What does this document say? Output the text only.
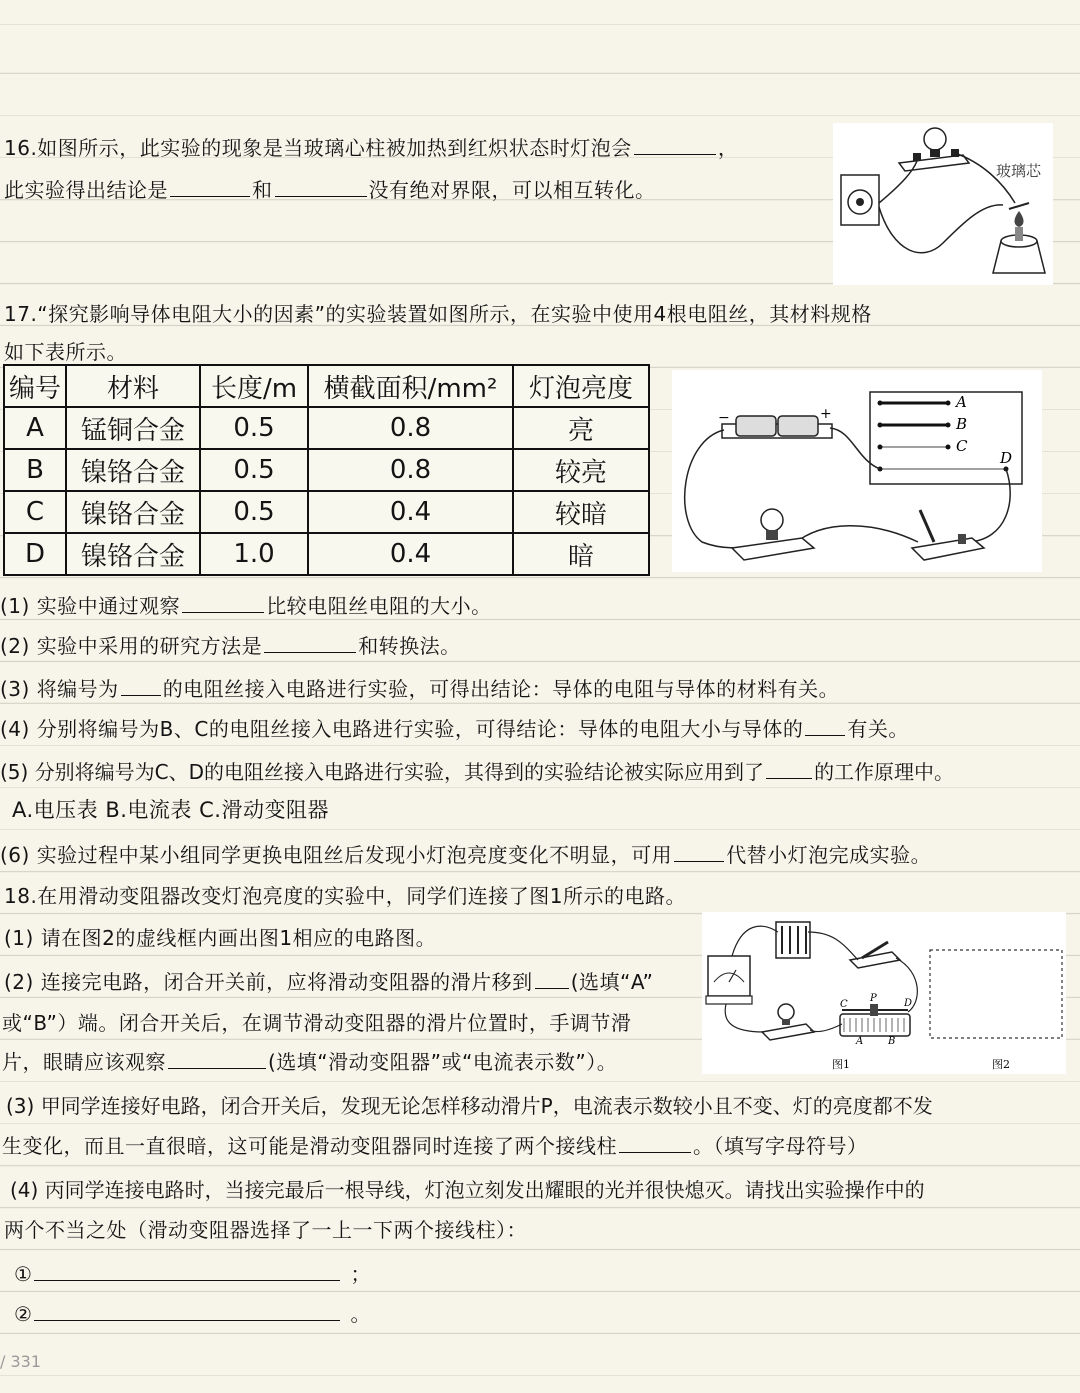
16.如图所示，此实验的现象是当玻璃心柱被加热到红炽状态时灯泡会	，
此实验得出结论是	和	没有绝对界限，可以相互转化。
玻璃芯
17.“探究影响导体电阻大小的因素”的实验装置如图所示，在实验中使用4根电阻丝，其材料规格
如下表所示。
编号	材料	长度/m	横截面积/mm²	灯泡亮度
A	锰铜合金	0.5	0.8	亮
B	镍铬合金	0.5	0.8	较亮
C	镍铬合金	0.5	0.4	较暗
D	镍铬合金	1.0	0.4	暗
−	+
A
B
C
D
(1) 实验中通过观察	比较电阻丝电阻的大小。
(2) 实验中采用的研究方法是	和转换法。
(3) 将编号为 的电阻丝接入电路进行实验，可得出结论：导体的电阻与导体的材料有关。
(4) 分别将编号为B、C的电阻丝接入电路进行实验，可得结论：导体的电阻大小与导体的 有关。
(5) 分别将编号为C、D的电阻丝接入电路进行实验，其得到的实验结论被实际应用到了	的工作原理中。
A.电压表 B.电流表 C.滑动变阻器
(6) 实验过程中某小组同学更换电阻丝后发现小灯泡亮度变化不明显，可用	代替小灯泡完成实验。
18.在用滑动变阻器改变灯泡亮度的实验中，同学们连接了图1所示的电路。
(1) 请在图2的虚线框内画出图1相应的电路图。
(2) 连接完电路，闭合开关前，应将滑动变阻器的滑片移到 (选填“A”
或“B”）端。闭合开关后，在调节滑动变阻器的滑片位置时，手调节滑
片，眼睛应该观察	(选填“滑动变阻器”或“电流表示数”）。
C
P	D
A B
图1	图2
(3) 甲同学连接好电路，闭合开关后，发现无论怎样移动滑片P，电流表示数较小且不变、灯的亮度都不发
生变化，而且一直很暗，这可能是滑动变阻器同时连接了两个接线柱	。（填写字母符号）
(4) 丙同学连接电路时，当接完最后一根导线，灯泡立刻发出耀眼的光并很快熄灭。请找出实验操作中的
两个不当之处（滑动变阻器选择了一上一下两个接线柱）：
①	；
②	。
/ 331
